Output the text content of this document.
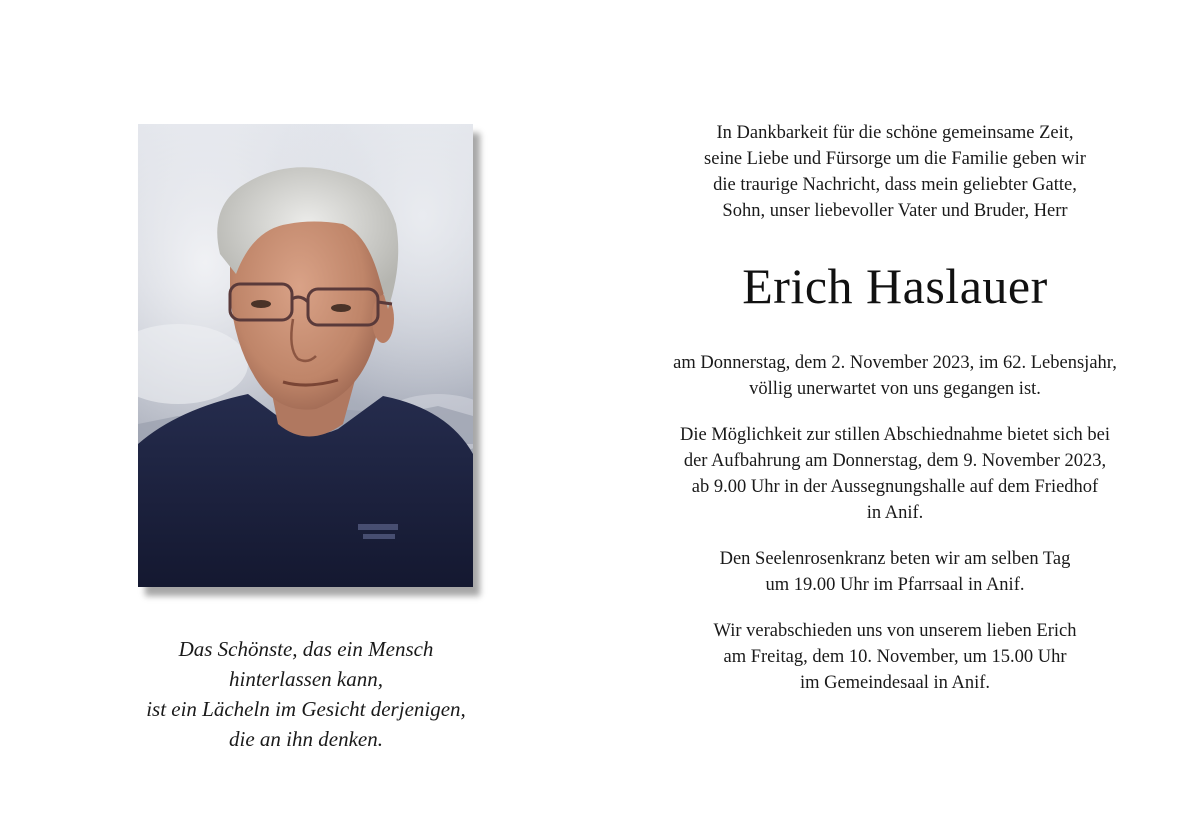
Das Schönste, das ein Mensch
hinterlassen kann,
ist ein Lächeln im Gesicht derjenigen,
die an ihn denken.
In Dankbarkeit für die schöne gemeinsame Zeit,
seine Liebe und Fürsorge um die Familie geben wir
die traurige Nachricht, dass mein geliebter Gatte,
Sohn, unser liebevoller Vater und Bruder, Herr
Erich Haslauer
am Donnerstag, dem 2. November 2023, im 62. Lebensjahr,
völlig unerwartet von uns gegangen ist.
Die Möglichkeit zur stillen Abschiednahme bietet sich bei
der Aufbahrung am Donnerstag, dem 9. November 2023,
ab 9.00 Uhr in der Aussegnungshalle auf dem Friedhof
in Anif.
Den Seelenrosenkranz beten wir am selben Tag
um 19.00 Uhr im Pfarrsaal in Anif.
Wir verabschieden uns von unserem lieben Erich
am Freitag, dem 10. November, um 15.00 Uhr
im Gemeindesaal in Anif.
